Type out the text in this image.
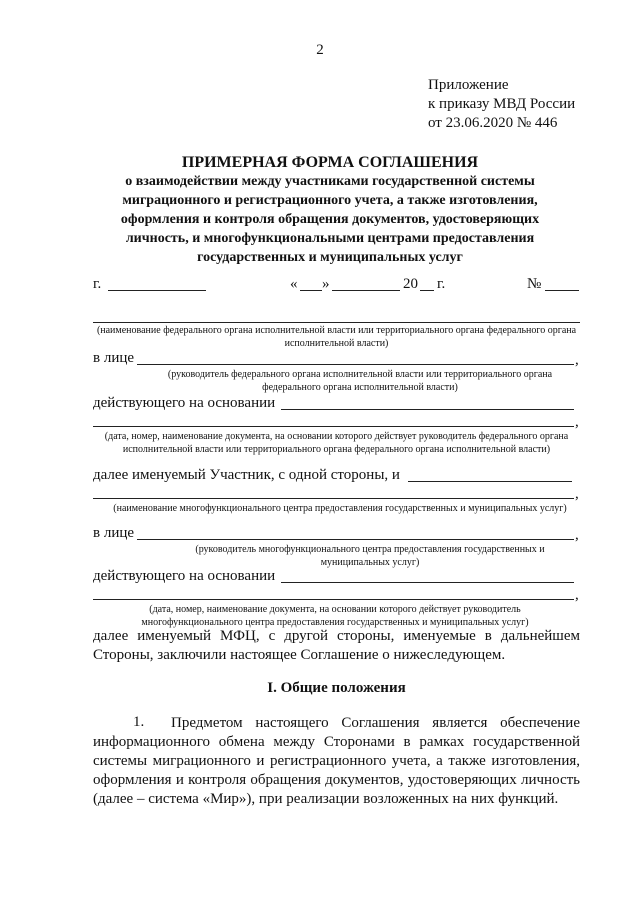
2
Приложение
к приказу МВД России
от 23.06.2020 № 446
ПРИМЕРНАЯ ФОРМА СОГЛАШЕНИЯ
о взаимодействии между участниками государственной системы
миграционного и регистрационного учета, а также изготовления,
оформления и контроля обращения документов, удостоверяющих
личность, и многофункциональными центрами предоставления
государственных и муниципальных услуг
г.	« »	20 г.	№
(наименование федерального органа исполнительной власти или территориального органа федерального органа исполнительной власти)
в лице	,
(руководитель федерального органа исполнительной власти или территориального органа федерального органа исполнительной власти)
действующего на основании
,
(дата, номер, наименование документа, на основании которого действует руководитель федерального органа исполнительной власти или территориального органа федерального органа исполнительной власти)
далее именуемый Участник, с одной стороны, и
,
(наименование многофункционального центра предоставления государственных и муниципальных услуг)
в лице	,
(руководитель многофункционального центра предоставления государственных и муниципальных услуг)
действующего на основании
,
(дата, номер, наименование документа, на основании которого действует руководитель многофункционального центра предоставления государственных и муниципальных услуг)
далее именуемый МФЦ, с другой стороны, именуемые в дальнейшем Стороны, заключили настоящее Соглашение о нижеследующем.
I. Общие положения
1.	Предметом настоящего Соглашения является обеспечение информационного обмена между Сторонами в рамках государственной системы миграционного и регистрационного учета, а также изготовления, оформления и контроля обращения документов, удостоверяющих личность (далее – система «Мир»), при реализации возложенных на них функций.
